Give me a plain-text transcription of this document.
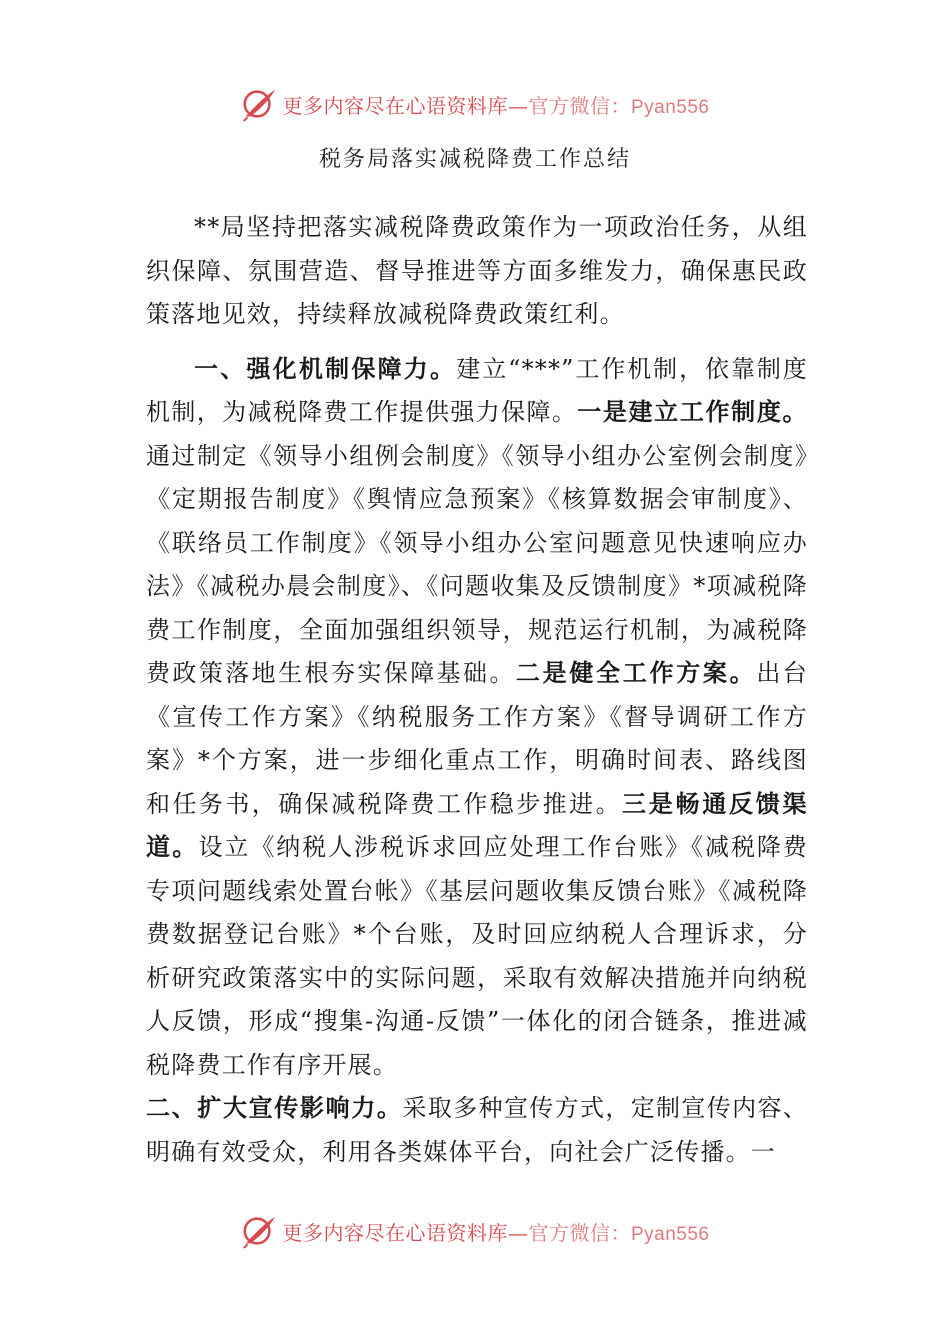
更多内容尽在心语资料库—官方微信：Pyan556
税务局落实减税降费工作总结

**局坚持把落实减税降费政策作为一项政治任务，从组织保障、氛围营造、督导推进等方面多维发力，确保惠民政策落地见效，持续释放减税降费政策红利。

一、强化机制保障力。建立“***”工作机制，依靠制度机制，为减税降费工作提供强力保障。一是建立工作制度。通过制定《领导小组例会制度》《领导小组办公室例会制度》《定期报告制度》《舆情应急预案》《核算数据会审制度》、《联络员工作制度》《领导小组办公室问题意见快速响应办法》《减税办晨会制度》、《问题收集及反馈制度》*项减税降费工作制度，全面加强组织领导，规范运行机制，为减税降费政策落地生根夯实保障基础。二是健全工作方案。出台《宣传工作方案》《纳税服务工作方案》《督导调研工作方案》*个方案，进一步细化重点工作，明确时间表、路线图和任务书，确保减税降费工作稳步推进。三是畅通反馈渠道。设立《纳税人涉税诉求回应处理工作台账》《减税降费专项问题线索处置台帐》《基层问题收集反馈台账》《减税降费数据登记台账》*个台账，及时回应纳税人合理诉求，分析研究政策落实中的实际问题，采取有效解决措施并向纳税人反馈，形成“搜集-沟通-反馈”一体化的闭合链条，推进减税降费工作有序开展。

二、扩大宣传影响力。采取多种宣传方式，定制宣传内容、明确有效受众，利用各类媒体平台，向社会广泛传播。一

更多内容尽在心语资料库—官方微信：Pyan556
